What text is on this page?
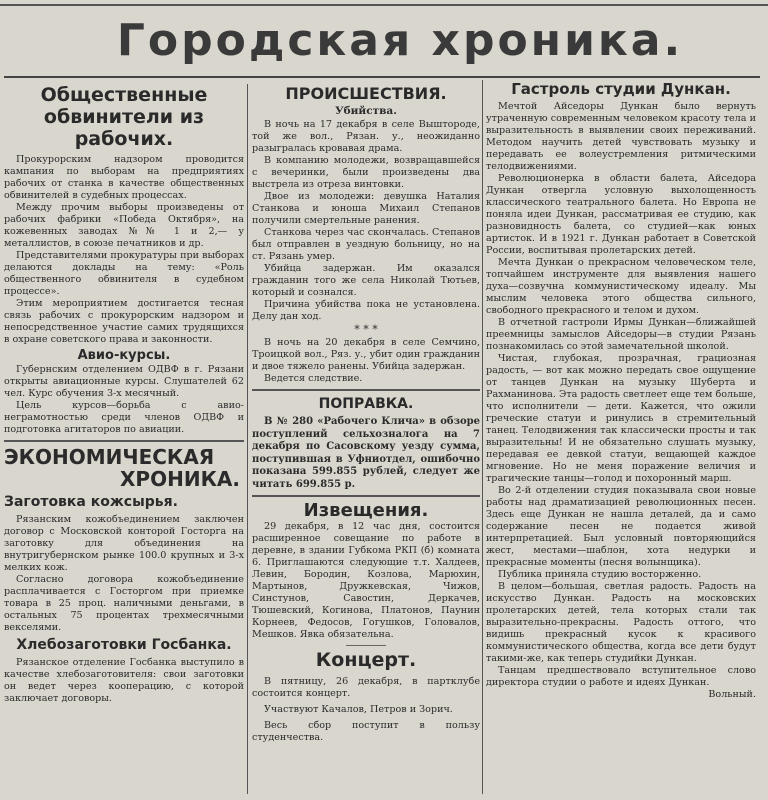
Городская хроника.
Общественные обвинители из рабочих.

Прокурорским надзором проводится кампания по выборам на предприятиях рабочих от станка в качестве общественных обвинителей в судебных процессах.

Между прочим выборы произведены от рабочих фабрики «Победа Октября», на кожевенных заводах №№ 1 и 2,— у металлистов, в союзе печатников и др.

Представителями прокуратуры при выборах делаются доклады на тему: «Роль общественного обвинителя в судебном процессе».

Этим мероприятием достигается тесная связь рабочих с прокурорским надзором и непосредственное участие самих трудящихся в охране советского права и законности.

Авио-курсы.

Губернским отделением ОДВФ в г. Рязани открыты авиационные курсы. Слушателей 62 чел. Курс обучения 3-х месячный.

Цель курсов—борьба с авио-неграмотностью среди членов ОДВФ и подготовка агитаторов по авиации.

ЭКОНОМИЧЕСКАЯ
ХРОНИКА.
Заготовка кожсырья.

Рязанским кожобъединением заключен договор с Московской конторой Госторга на заготовку для объединения на внутригубернском рынке 100.0 крупных и 3-х мелких кож.

Согласно договора кожобъединение расплачивается с Госторгом при приемке товара в 25 проц. наличными деньгами, в остальных 75 процентах трехмесячными векселями.

Хлебозаготовки Госбанка.

Рязанское отделение Госбанка выступило в качестве хлебозаготовителя: свои заготовки он ведет через кооперацию, с которой заключает договоры.

ПРОИСШЕСТВИЯ.
Убийства.

В ночь на 17 декабря в селе Выштороде, той же вол., Рязан. у., неожиданно разыгралась кровавая драма.

В компанию молодежи, возвращавшейся с вечеринки, были произведены два выстрела из отреза винтовки.

Двое из молодежи: девушка Наталия Станкова и юноша Михаил Степанов получили смертельные ранения.

Станкова через час скончалась. Степанов был отправлен в уездную больницу, но на ст. Рязань умер.

Убийца задержан. Им оказался гражданин того же села Николай Тютьев, который и сознался.

Причина убийства пока не установлена. Делу дан ход.

* * *

В ночь на 20 декабря в селе Семчино, Троицкой вол., Ряз. у., убит один гражданин и двое тяжело ранены. Убийца задержан.

Ведется следствие.

ПОПРАВКА.

В № 280 «Рабочего Клича» в обзоре поступлений сельхозналога на 7 декабря по Сасовскому уезду сумма, поступившая в Уфниотдел, ошибочно показана 599.855 рублей, следует же читать 699.855 р.

Извещения.

29 декабря, в 12 час дня, состоится расширенное совещание по работе в деревне, в здании Губкома РКП (б) комната 6. Приглашаются следующие т.т. Халдеев, Левин, Бородин, Козлова, Марюхин, Мартынов, Дружкевская, Чижов, Синстунов, Савостин, Деркачев, Тюшевский, Когинова, Платонов, Паунин Корнеев, Федосов, Гогушков, Головалов, Мешков. Явка обязательна.

Концерт.

В пятницу, 26 декабря, в партклубе состоится концерт.

Участвуют Качалов, Петров и Зорич.

Весь сбор поступит в пользу студенчества.

Гастроль студии Дункан.

Мечтой Айседоры Дункан было вернуть утраченную современным человеком красоту тела и выразительность в выявлении своих переживаний. Методом научить детей чувствовать музыку и передавать ее волеустремления ритмическими телодвижениями.

Революционерка в области балета, Айседора Дункан отвергла условную выхолощенность классического театрального балета. Но Европа не поняла идеи Дункан, рассматривая ее студию, как разновидность балета, со студией—как юных артисток. И в 1921 г. Дункан работает в Советской России, воспитывая пролетарских детей.

Мечта Дункан о прекрасном человеческом теле, топчайшем инструменте для выявления нашего духа—созвучна коммунистическому идеалу. Мы мыслим человека этого общества сильного, свободного прекрасного и телом и духом.

В отчетной гастроли Ирмы Дункан—ближайшей преемницы замыслов Айседоры—в студии Рязань познакомилась со этой замечательной школой.

Чистая, глубокая, прозрачная, грациозная радость, — вот как можно передать свое ощущение от танцев Дункан на музыку Шуберта и Рахманинова. Эта радость светлеет еще тем больше, что исполнители — дети. Кажется, что ожили греческие статуи и ринулись в стремительный танец. Телодвижения так классически просты и так выразительны! И не обязательно слушать музыку, передавая ее девкой статуи, вещающей каждое мгновение. Но не меня поражение величия и трагические танцы—голод и похоронный марш.

Во 2-й отделении студия показывала свои новые работы над драматизацией революционных песен. Здесь еще Дункан не нашла деталей, да и само содержание песен не подается живой интерпретацией. Был условный повторяющийся жест, местами—шаблон, хота недурки и прекрасные моменты (песня волынщика).

Публика приняла студию восторженно.

В целом—большая, светлая радость. Радость на искусство Дункан. Радость на московских пролетарских детей, тела которых стали так выразительно-прекрасны. Радость оттого, что видишь прекрасный кусок к красивого коммунистического общества, когда все дети будут такими-же, как теперь студийки Дункан.

Танцам предшествовало вступительное слово директора студии о работе и идеях Дункан.

Вольный.
